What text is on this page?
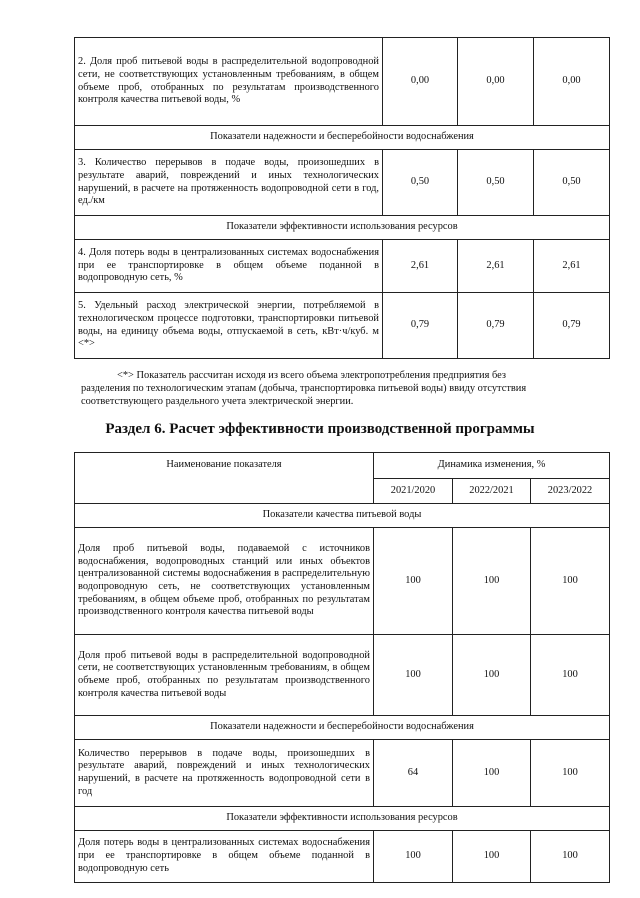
2. Доля проб питьевой воды в распределительной водопроводной сети, не соответствующих установленным требованиям, в общем объеме проб, отобранных по результатам производственного контроля качества питьевой воды, %	0,00	0,00	0,00
Показатели надежности и бесперебойности водоснабжения			
3. Количество перерывов в подаче воды, произошедших в результате аварий, повреждений и иных технологических нарушений, в расчете на протяженность водопроводной сети в год, ед./км	0,50	0,50	0,50
Показатели эффективности использования ресурсов			
4. Доля потерь воды в централизованных системах водоснабжения при ее транспортировке в общем объеме поданной в водопроводную сеть, %	2,61	2,61	2,61
5. Удельный расход электрической энергии, потребляемой в технологическом процессе подготовки, транспортировки питьевой воды, на единицу объема воды, отпускаемой в сеть, кВт·ч/куб. м <*>	0,79	0,79	0,79

<*> Показатель рассчитан исходя из всего объема электропотребления предприятия без

разделения по технологическим этапам (добыча, транспортировка питьевой воды) ввиду отсутствия

соответствующего раздельного учета электрической энергии.

Раздел 6. Расчет эффективности производственной программы
Наименование показателя	Динамика изменения, %		
	2021/2020	2022/2021	2023/2022
Показатели качества питьевой воды			
Доля проб питьевой воды, подаваемой с источников водоснабжения, водопроводных станций или иных объектов централизованной системы водоснабжения в распределительную водопроводную сеть, не соответствующих установленным требованиям, в общем объеме проб, отобранных по результатам производственного контроля качества питьевой воды	100	100	100
Доля проб питьевой воды в распределительной водопроводной сети, не соответствующих установленным требованиям, в общем объеме проб, отобранных по результатам производственного контроля качества питьевой воды	100	100	100
Показатели надежности и бесперебойности водоснабжения			
Количество перерывов в подаче воды, произошедших в результате аварий, повреждений и иных технологических нарушений, в расчете на протяженность водопроводной сети в год	64	100	100
Показатели эффективности использования ресурсов			
Доля потерь воды в централизованных системах водоснабжения при ее транспортировке в общем объеме поданной в водопроводную сеть	100	100	100
